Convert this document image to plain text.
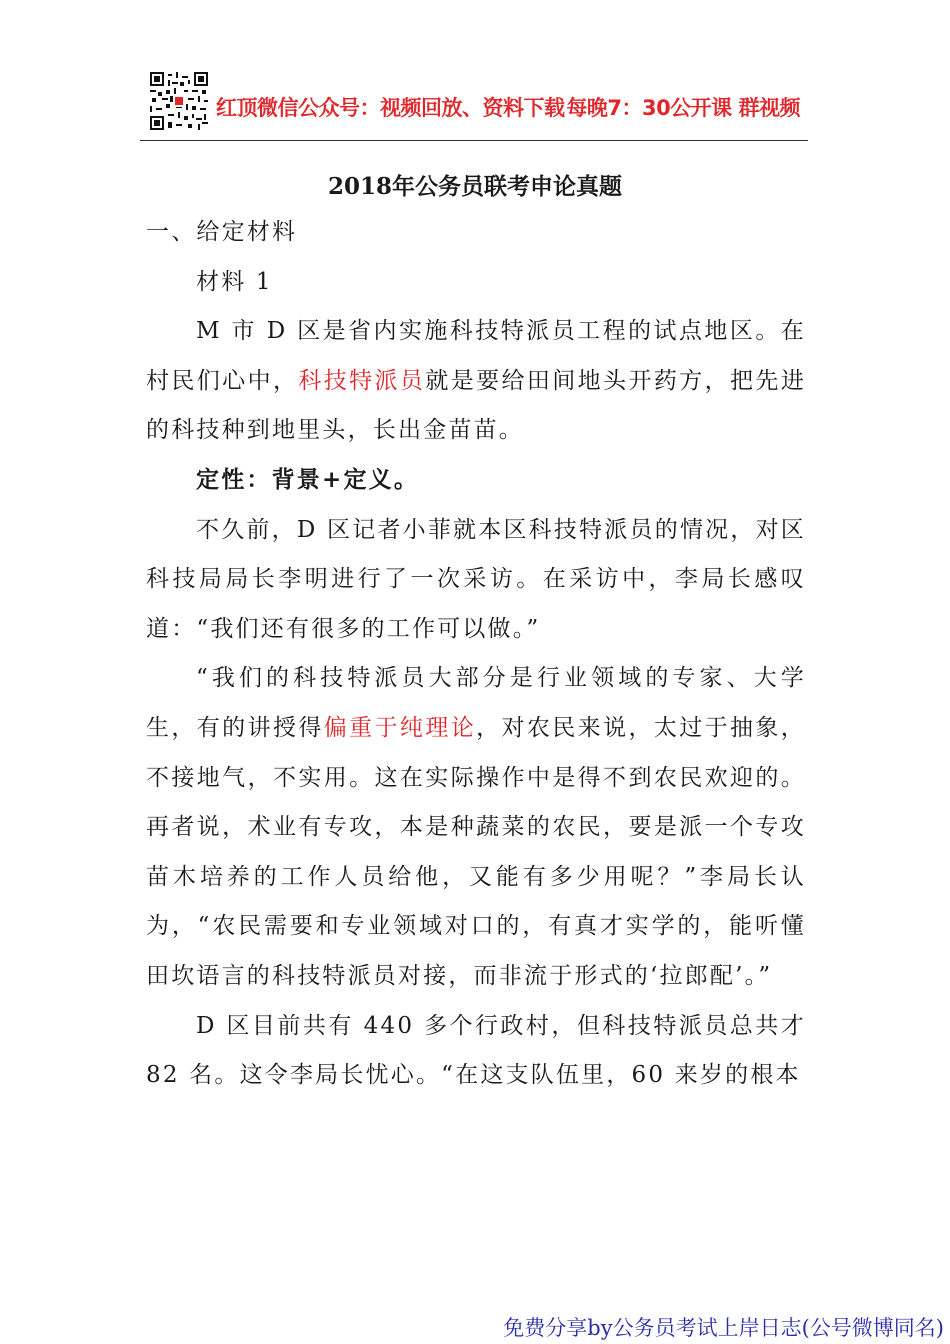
红顶微信公众号：视频回放、资料下载 每晚7：30公开课 群视频
2018年公务员联考申论真题

一、给定材料

材料 1

M 市 D 区是省内实施科技特派员工程的试点地区。在村民们心中，科技特派员就是要给田间地头开药方，把先进的科技种到地里头，长出金苗苗。

定性：背景+定义。

不久前，D 区记者小菲就本区科技特派员的情况，对区科技局局长李明进行了一次采访。在采访中，李局长感叹道：“我们还有很多的工作可以做。”

“我们的科技特派员大部分是行业领域的专家、大学生，有的讲授得偏重于纯理论，对农民来说，太过于抽象，不接地气，不实用。这在实际操作中是得不到农民欢迎的。再者说，术业有专攻，本是种蔬菜的农民，要是派一个专攻苗木培养的工作人员给他，又能有多少用呢？”李局长认为，“农民需要和专业领域对口的，有真才实学的，能听懂田坎语言的科技特派员对接，而非流于形式的‘拉郎配’。”

D 区目前共有 440 多个行政村，但科技特派员总共才 82 名。这令李局长忧心。“在这支队伍里，60 来岁的根本

免费分享by公务员考试上岸日志(公号微博同名)
